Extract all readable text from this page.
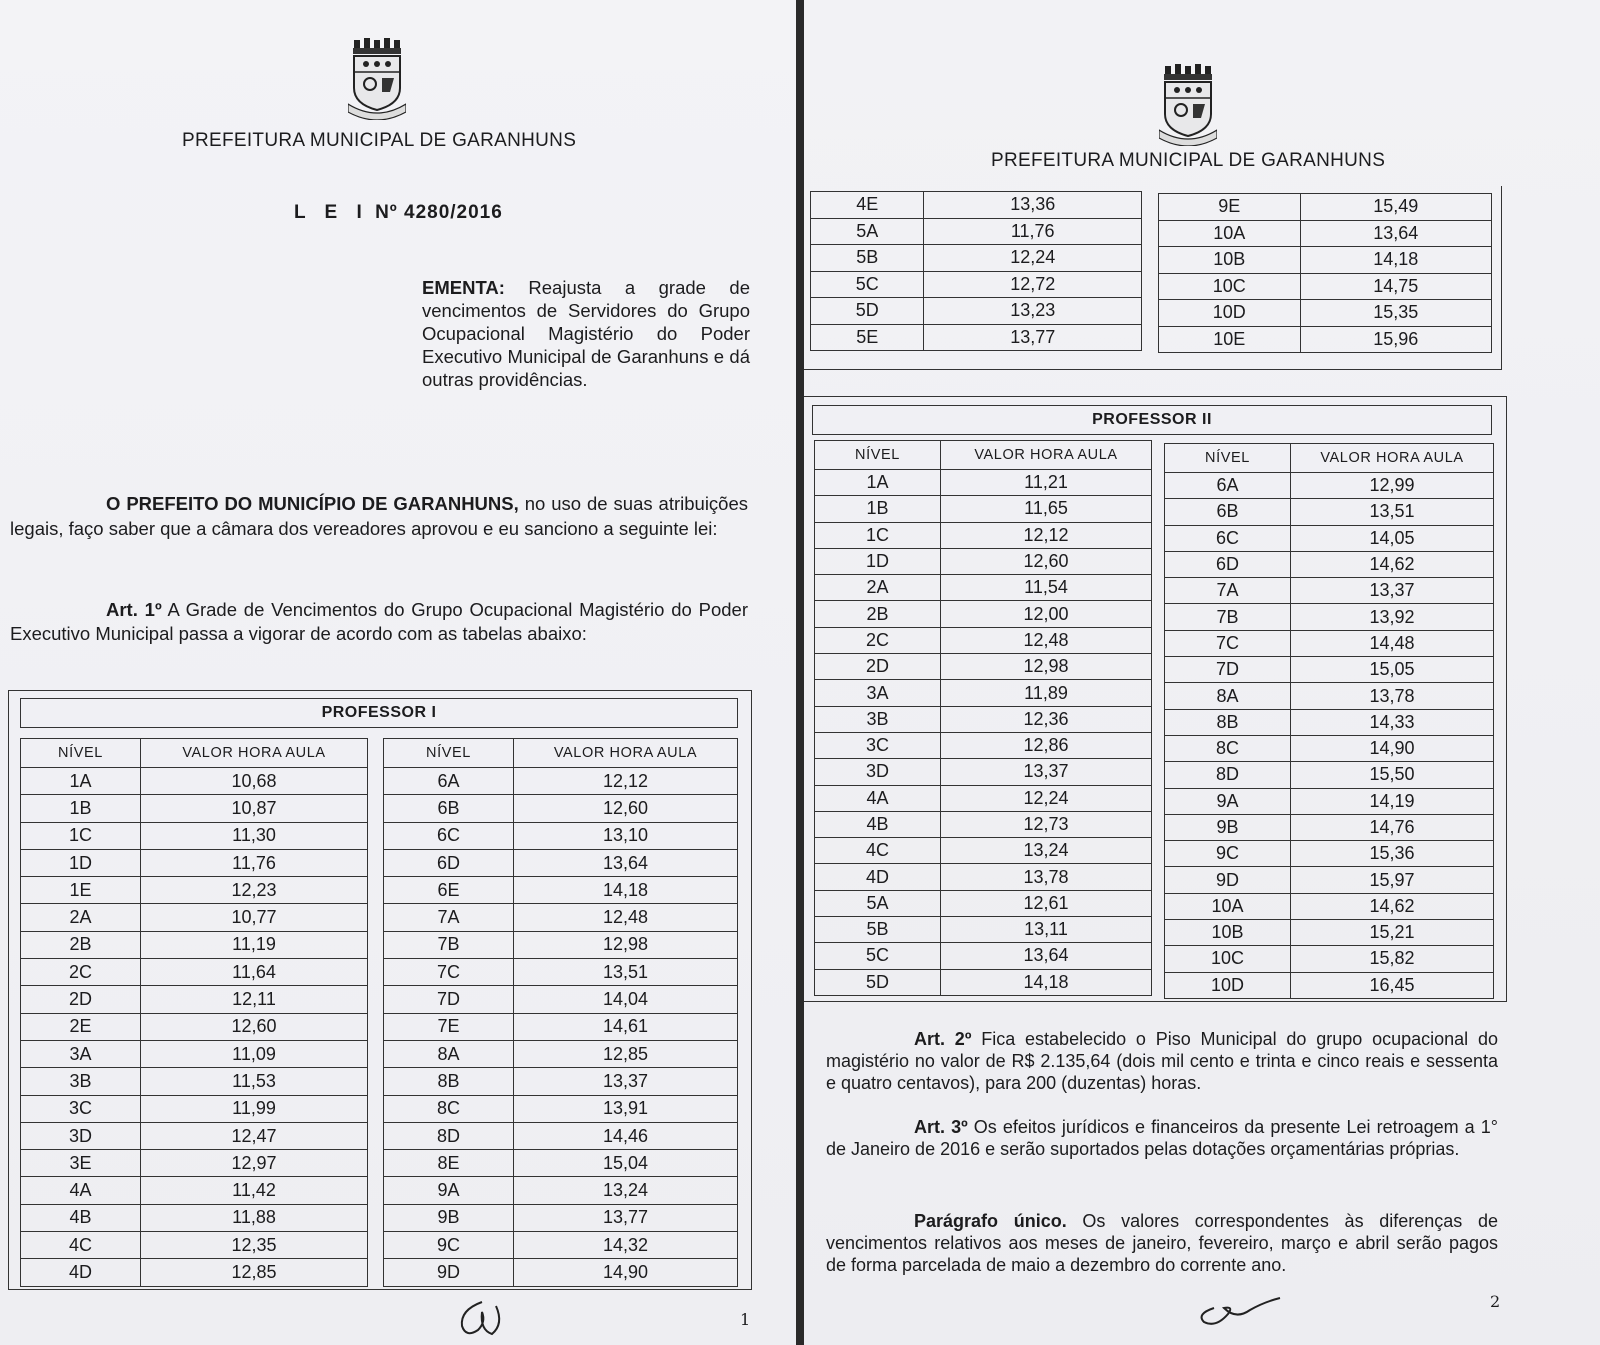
PREFEITURA MUNICIPAL DE GARANHUNS
L E I Nº 4280/2016
EMENTA: Reajusta a grade de vencimentos de Servidores do Grupo Ocupacional Magistério do Poder Executivo Municipal de Garanhuns e dá outras providências.
O PREFEITO DO MUNICÍPIO DE GARANHUNS, no uso de suas atribuições legais, faço saber que a câmara dos vereadores aprovou e eu sanciono a seguinte lei:
Art. 1º A Grade de Vencimentos do Grupo Ocupacional Magistério do Poder Executivo Municipal passa a vigorar de acordo com as tabelas abaixo:
PROFESSOR I
NÍVEL	VALOR HORA AULA
1A	10,68
1B	10,87
1C	11,30
1D	11,76
1E	12,23
2A	10,77
2B	11,19
2C	11,64
2D	12,11
2E	12,60
3A	11,09
3B	11,53
3C	11,99
3D	12,47
3E	12,97
4A	11,42
4B	11,88
4C	12,35
4D	12,85
NÍVEL	VALOR HORA AULA
6A	12,12
6B	12,60
6C	13,10
6D	13,64
6E	14,18
7A	12,48
7B	12,98
7C	13,51
7D	14,04
7E	14,61
8A	12,85
8B	13,37
8C	13,91
8D	14,46
8E	15,04
9A	13,24
9B	13,77
9C	14,32
9D	14,90
1
PREFEITURA MUNICIPAL DE GARANHUNS
4E	13,36
5A	11,76
5B	12,24
5C	12,72
5D	13,23
5E	13,77
9E	15,49
10A	13,64
10B	14,18
10C	14,75
10D	15,35
10E	15,96
PROFESSOR II
NÍVEL	VALOR HORA AULA
1A	11,21
1B	11,65
1C	12,12
1D	12,60
2A	11,54
2B	12,00
2C	12,48
2D	12,98
3A	11,89
3B	12,36
3C	12,86
3D	13,37
4A	12,24
4B	12,73
4C	13,24
4D	13,78
5A	12,61
5B	13,11
5C	13,64
5D	14,18
NÍVEL	VALOR HORA AULA
6A	12,99
6B	13,51
6C	14,05
6D	14,62
7A	13,37
7B	13,92
7C	14,48
7D	15,05
8A	13,78
8B	14,33
8C	14,90
8D	15,50
9A	14,19
9B	14,76
9C	15,36
9D	15,97
10A	14,62
10B	15,21
10C	15,82
10D	16,45
Art. 2º Fica estabelecido o Piso Municipal do grupo ocupacional do magistério no valor de R$ 2.135,64 (dois mil cento e trinta e cinco reais e sessenta e quatro centavos), para 200 (duzentas) horas.
Art. 3º Os efeitos jurídicos e financeiros da presente Lei retroagem a 1° de Janeiro de 2016 e serão suportados pelas dotações orçamentárias próprias.
Parágrafo único. Os valores correspondentes às diferenças de vencimentos relativos aos meses de janeiro, fevereiro, março e abril serão pagos de forma parcelada de maio a dezembro do corrente ano.
2
